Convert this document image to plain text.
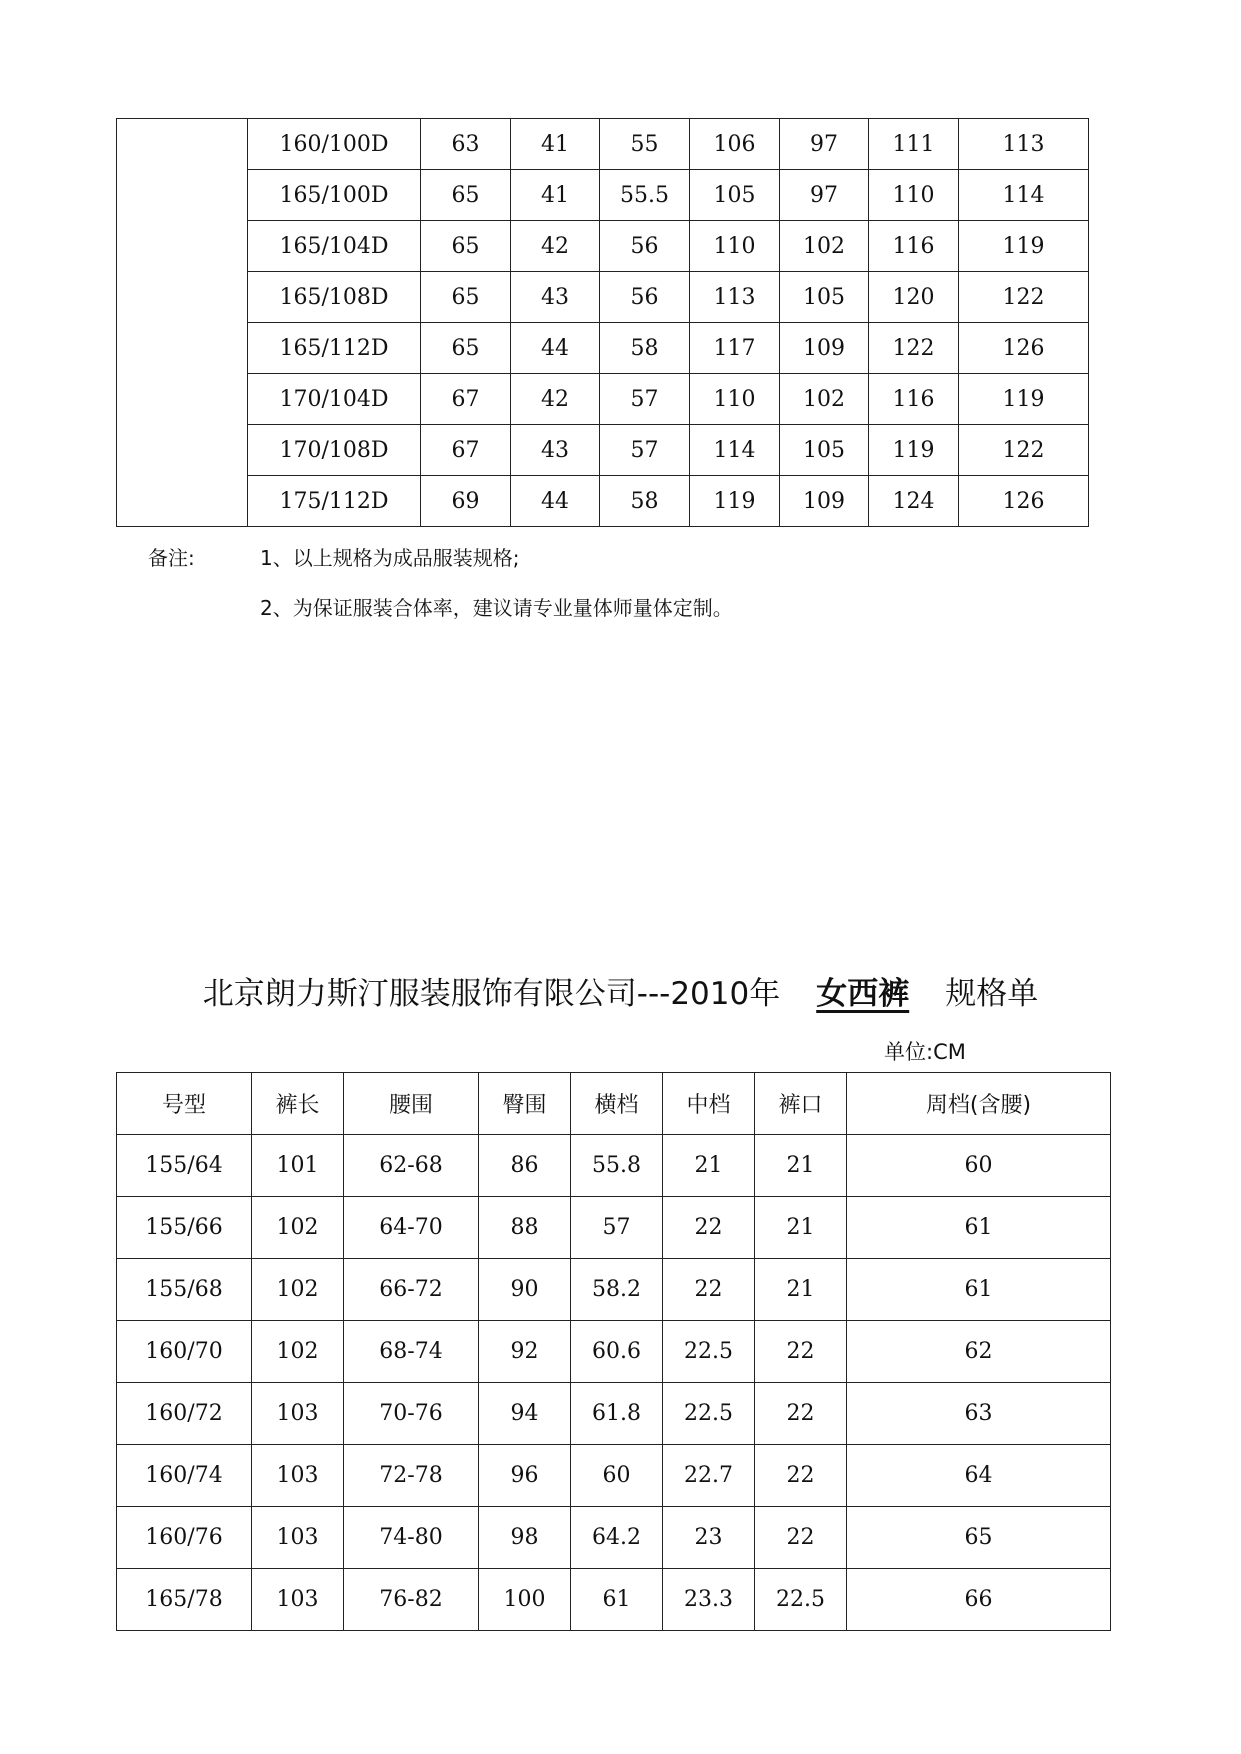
	160/100D	63	41	55	106	97	111	113
	165/100D	65	41	55.5	105	97	110	114
	165/104D	65	42	56	110	102	116	119
	165/108D	65	43	56	113	105	120	122
	165/112D	65	44	58	117	109	122	126
	170/104D	67	42	57	110	102	116	119
	170/108D	67	43	57	114	105	119	122
	175/112D	69	44	58	119	109	124	126
备注:	1、以上规格为成品服装规格;
2、为保证服装合体率，建议请专业量体师量体定制。
北京朗力斯汀服装服饰有限公司---2010年 女西裤 规格单
单位:CM
号型	裤长	腰围	臀围	横档	中档	裤口	周档(含腰)
155/64	101	62-68	86	55.8	21	21	60
155/66	102	64-70	88	57	22	21	61
155/68	102	66-72	90	58.2	22	21	61
160/70	102	68-74	92	60.6	22.5	22	62
160/72	103	70-76	94	61.8	22.5	22	63
160/74	103	72-78	96	60	22.7	22	64
160/76	103	74-80	98	64.2	23	22	65
165/78	103	76-82	100	61	23.3	22.5	66
